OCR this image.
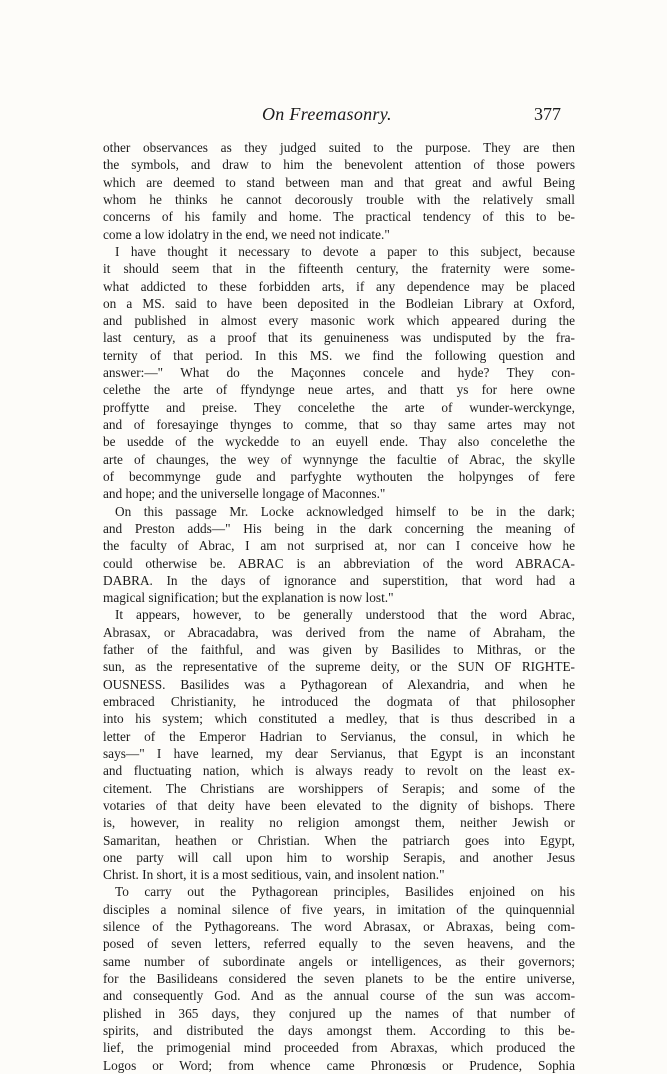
On Freemasonry.	377
other observances as they judged suited to the purpose. They are then
the symbols, and draw to him the benevolent attention of those powers
which are deemed to stand between man and that great and awful Being
whom he thinks he cannot decorously trouble with the relatively small
concerns of his family and home. The practical tendency of this to be-
come a low idolatry in the end, we need not indicate."
I have thought it necessary to devote a paper to this subject, because
it should seem that in the fifteenth century, the fraternity were some-
what addicted to these forbidden arts, if any dependence may be placed
on a MS. said to have been deposited in the Bodleian Library at Oxford,
and published in almost every masonic work which appeared during the
last century, as a proof that its genuineness was undisputed by the fra-
ternity of that period. In this MS. we find the following question and
answer:—" What do the Maçonnes concele and hyde? They con-
celethe the arte of ffyndynge neue artes, and thatt ys for here owne
proffytte and preise. They concelethe the arte of wunder-werckynge,
and of foresayinge thynges to comme, that so thay same artes may not
be usedde of the wyckedde to an euyell ende. Thay also concelethe the
arte of chaunges, the wey of wynnynge the facultie of Abrac, the skylle
of becommynge gude and parfyghte wythouten the holpynges of fere
and hope; and the universelle longage of Maconnes."
On this passage Mr. Locke acknowledged himself to be in the dark;
and Preston adds—" His being in the dark concerning the meaning of
the faculty of Abrac, I am not surprised at, nor can I conceive how he
could otherwise be. ABRAC is an abbreviation of the word ABRACA-
DABRA. In the days of ignorance and superstition, that word had a
magical signification; but the explanation is now lost."
It appears, however, to be generally understood that the word Abrac,
Abrasax, or Abracadabra, was derived from the name of Abraham, the
father of the faithful, and was given by Basilides to Mithras, or the
sun, as the representative of the supreme deity, or the SUN OF RIGHTE-
OUSNESS. Basilides was a Pythagorean of Alexandria, and when he
embraced Christianity, he introduced the dogmata of that philosopher
into his system; which constituted a medley, that is thus described in a
letter of the Emperor Hadrian to Servianus, the consul, in which he
says—" I have learned, my dear Servianus, that Egypt is an inconstant
and fluctuating nation, which is always ready to revolt on the least ex-
citement. The Christians are worshippers of Serapis; and some of the
votaries of that deity have been elevated to the dignity of bishops. There
is, however, in reality no religion amongst them, neither Jewish or
Samaritan, heathen or Christian. When the patriarch goes into Egypt,
one party will call upon him to worship Serapis, and another Jesus
Christ. In short, it is a most seditious, vain, and insolent nation."
To carry out the Pythagorean principles, Basilides enjoined on his
disciples a nominal silence of five years, in imitation of the quinquennial
silence of the Pythagoreans. The word Abrasax, or Abraxas, being com-
posed of seven letters, referred equally to the seven heavens, and the
same number of subordinate angels or intelligences, as their governors;
for the Basilideans considered the seven planets to be the entire universe,
and consequently God. And as the annual course of the sun was accom-
plished in 365 days, they conjured up the names of that number of
spirits, and distributed the days amongst them. According to this be-
lief, the primogenial mind proceeded from Abraxas, which produced the
Logos or Word; from whence came Phronœsis or Prudence, Sophia
